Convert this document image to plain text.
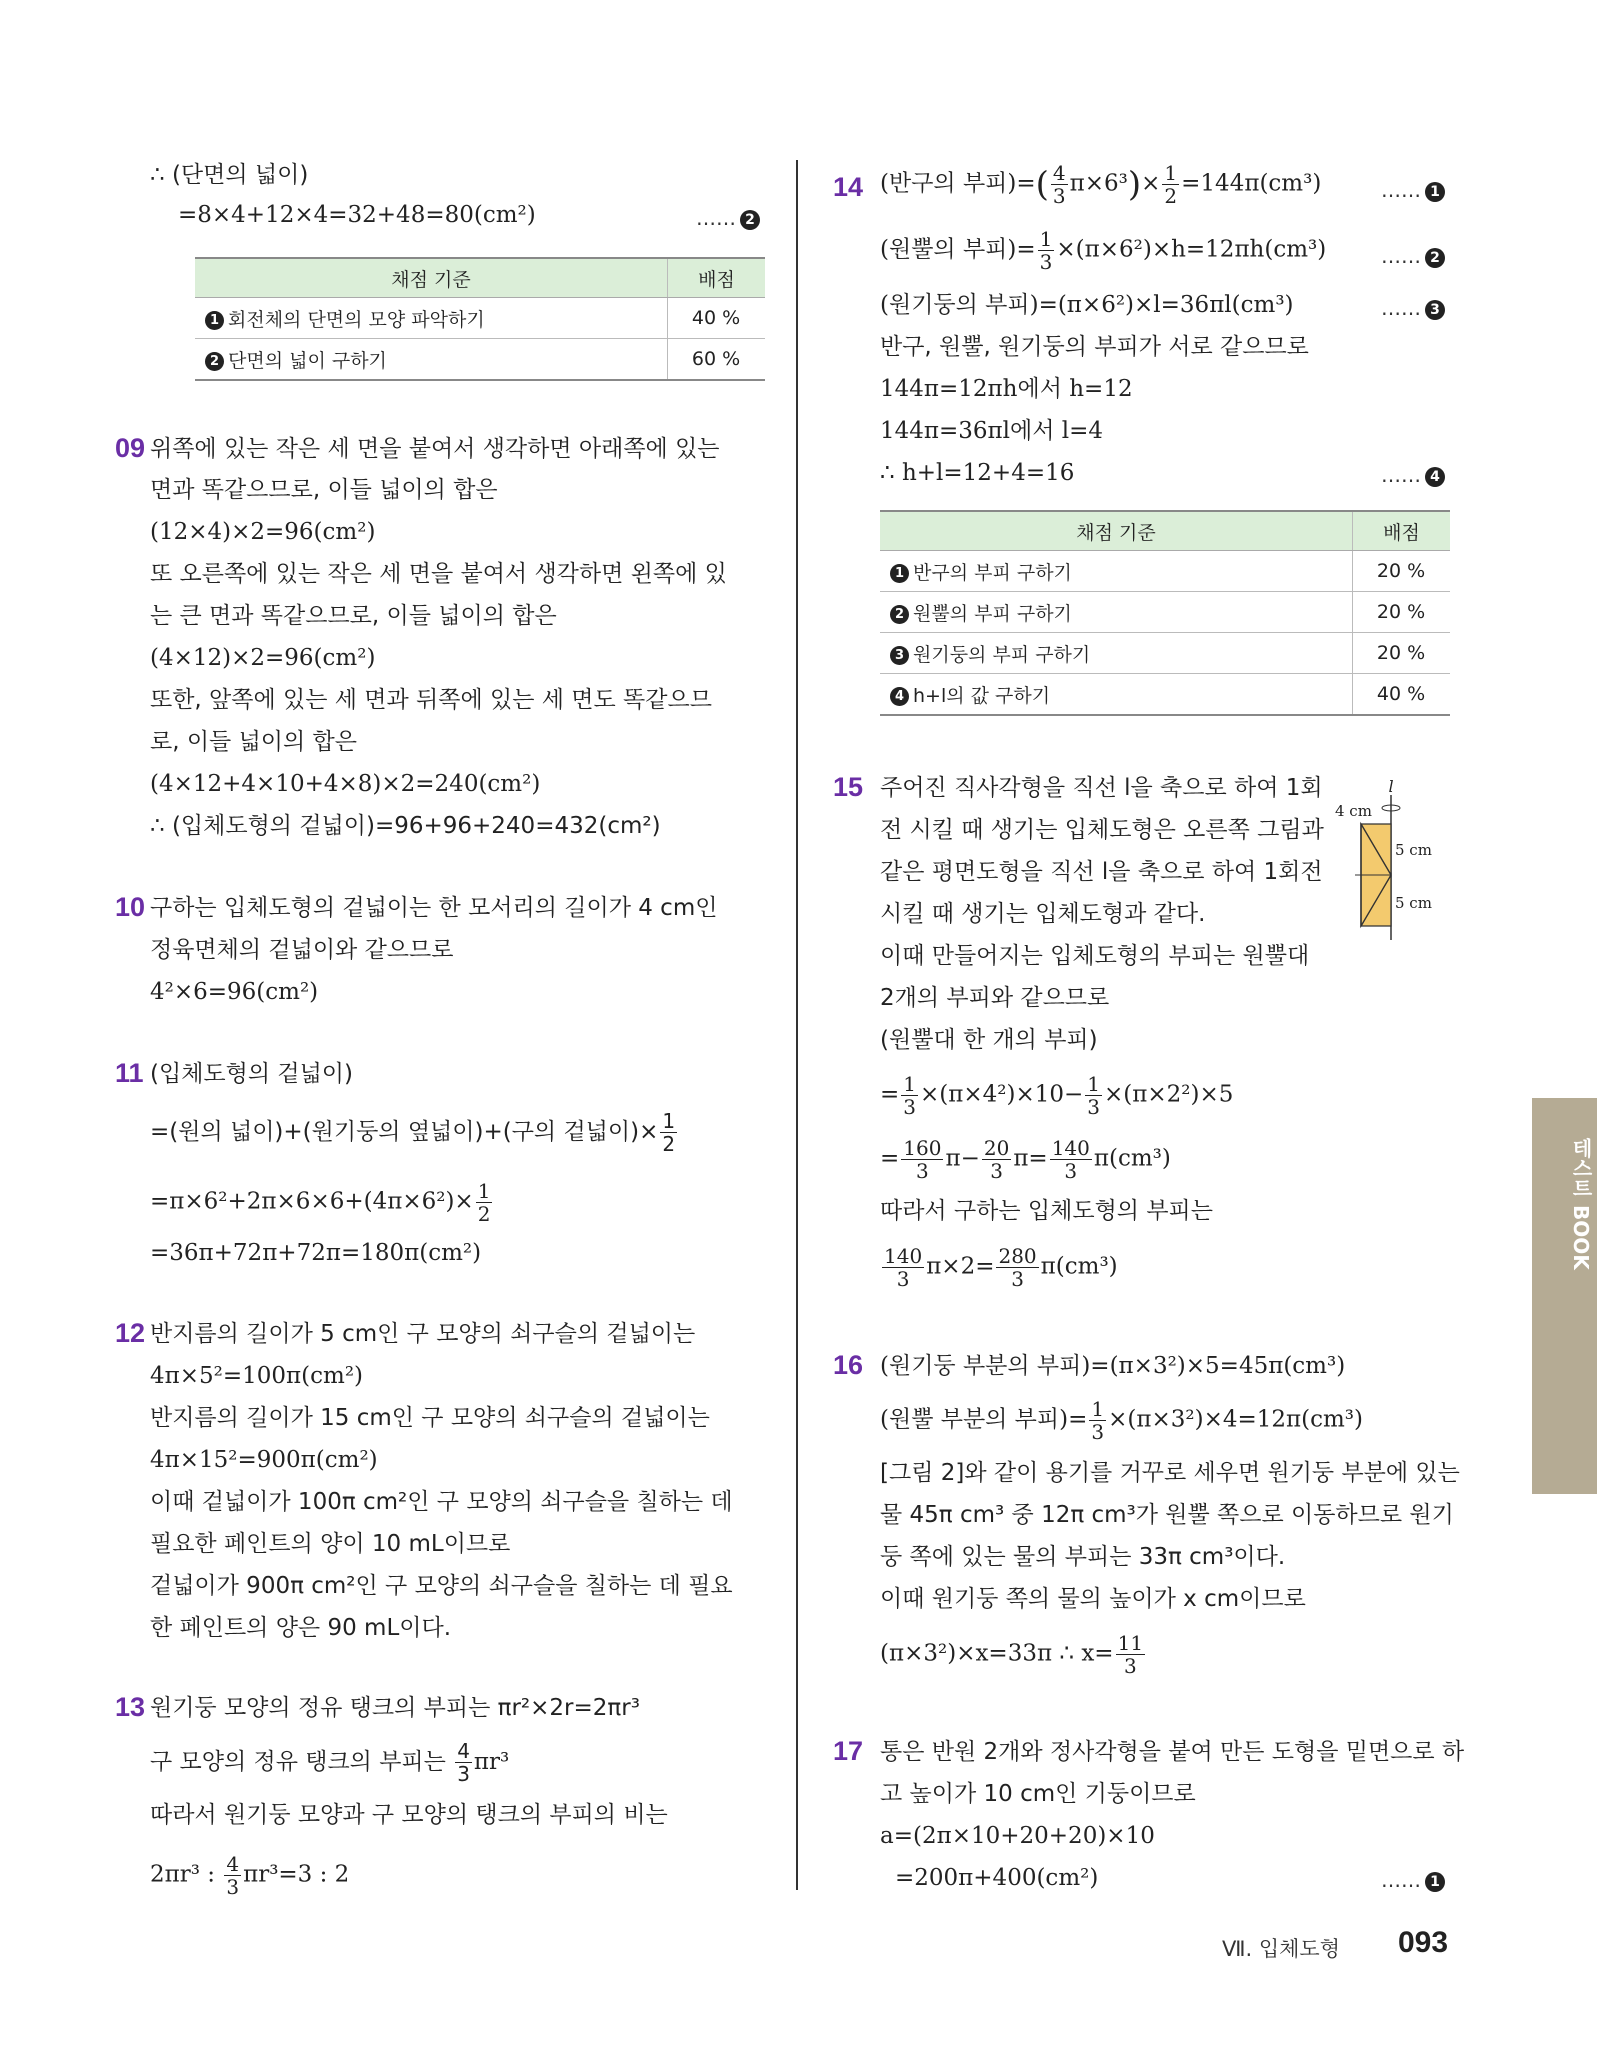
∴ (단면의 넓이)
=8×4+12×4=32+48=80(cm²)	…… 2
채점 기준	배점
1 회전체의 단면의 모양 파악하기	40 %
2 단면의 넓이 구하기	60 %
09 위쪽에 있는 작은 세 면을 붙여서 생각하면 아래쪽에 있는
면과 똑같으므로, 이들 넓이의 합은
(12×4)×2=96(cm²)
또 오른쪽에 있는 작은 세 면을 붙여서 생각하면 왼쪽에 있
는 큰 면과 똑같으므로, 이들 넓이의 합은
(4×12)×2=96(cm²)
또한, 앞쪽에 있는 세 면과 뒤쪽에 있는 세 면도 똑같으므
로, 이들 넓이의 합은
(4×12+4×10+4×8)×2=240(cm²)
∴ (입체도형의 겉넓이)=96+96+240=432(cm²)
10 구하는 입체도형의 겉넓이는 한 모서리의 길이가 4 cm인
정육면체의 겉넓이와 같으므로
4²×6=96(cm²)
11 (입체도형의 겉넓이)
=(원의 넓이)+(원기둥의 옆넓이)+(구의 겉넓이)× $\frac{1}{2}$
$=\pi\times 6^2+2\pi\times 6\times 6+(4\pi\times 6^2)\times \frac{1}{2}$
=36π+72π+72π=180π(cm²)
12 반지름의 길이가 5 cm인 구 모양의 쇠구슬의 겉넓이는
4π×5²=100π(cm²)
반지름의 길이가 15 cm인 구 모양의 쇠구슬의 겉넓이는
4π×15²=900π(cm²)
이때 겉넓이가 100π cm²인 구 모양의 쇠구슬을 칠하는 데
필요한 페인트의 양이 10 mL이므로
겉넓이가 900π cm²인 구 모양의 쇠구슬을 칠하는 데 필요
한 페인트의 양은 90 mL이다.
13 원기둥 모양의 정유 탱크의 부피는 πr²×2r=2πr³
구 모양의 정유 탱크의 부피는 $\frac{4}{3} \pi r^3$
따라서 원기둥 모양과 구 모양의 탱크의 부피의 비는
2πr³ : $\frac{4}{3} \pi r^3=3$ : 2
14 (반구의 부피)=( $\frac{4}{3} \pi\times 6^3)\times \frac{1}{2} =144\pi(cm^3)$	…… 1
(원뿔의 부피)= $\frac{1}{3} \times(\pi\times 6^2)\times h=12\pi h(cm^3)$	…… 2
(원기둥의 부피)=(π×6²)×l=36πl(cm³)	…… 3
반구, 원뿔, 원기둥의 부피가 서로 같으므로
144π=12πh에서 h=12
144π=36πl에서 l=4
∴ h+l=12+4=16	…… 4
채점 기준	배점
1 반구의 부피 구하기	20 %
2 원뿔의 부피 구하기	20 %
3 원기둥의 부피 구하기	20 %
4 h+l의 값 구하기	40 %
15 주어진 직사각형을 직선 l을 축으로 하여 1회
전 시킬 때 생기는 입체도형은 오른쪽 그림과
같은 평면도형을 직선 l을 축으로 하여 1회전
시킬 때 생기는 입체도형과 같다.
이때 만들어지는 입체도형의 부피는 원뿔대
2개의 부피와 같으므로
(원뿔대 한 개의 부피)
l
4 cm
5 cm
5 cm
= $\frac{1}{3} \times(\pi\times 4^2)\times 10- \frac{1}{3} \times(\pi\times 2^2)\times 5$
= $\frac{160}{3} \pi- \frac{20}{3} \pi= \frac{140}{3} \pi(cm^3)$
따라서 구하는 입체도형의 부피는
$\frac{140}{3} \pi\times 2= \frac{280}{3} \pi(cm^3)$
16 (원기둥 부분의 부피)=(π×3²)×5=45π(cm³)
(원뿔 부분의 부피)= $\frac{1}{3} \times(\pi\times 3^2)\times 4=12\pi(cm^3)$
[그림 2]와 같이 용기를 거꾸로 세우면 원기둥 부분에 있는
물 45π cm³ 중 12π cm³가 원뿔 쪽으로 이동하므로 원기
둥 쪽에 있는 물의 부피는 33π cm³이다.
이때 원기둥 쪽의 물의 높이가 x cm이므로
(π×3²)×x=33π ∴ $x= \frac{11}{3}$
17 통은 반원 2개와 정사각형을 붙여 만든 도형을 밑면으로 하
고 높이가 10 cm인 기둥이므로
a=(2π×10+20+20)×10
=200π+400(cm²)	…… 1
테스트 BOOK
Ⅶ. 입체도형 093
